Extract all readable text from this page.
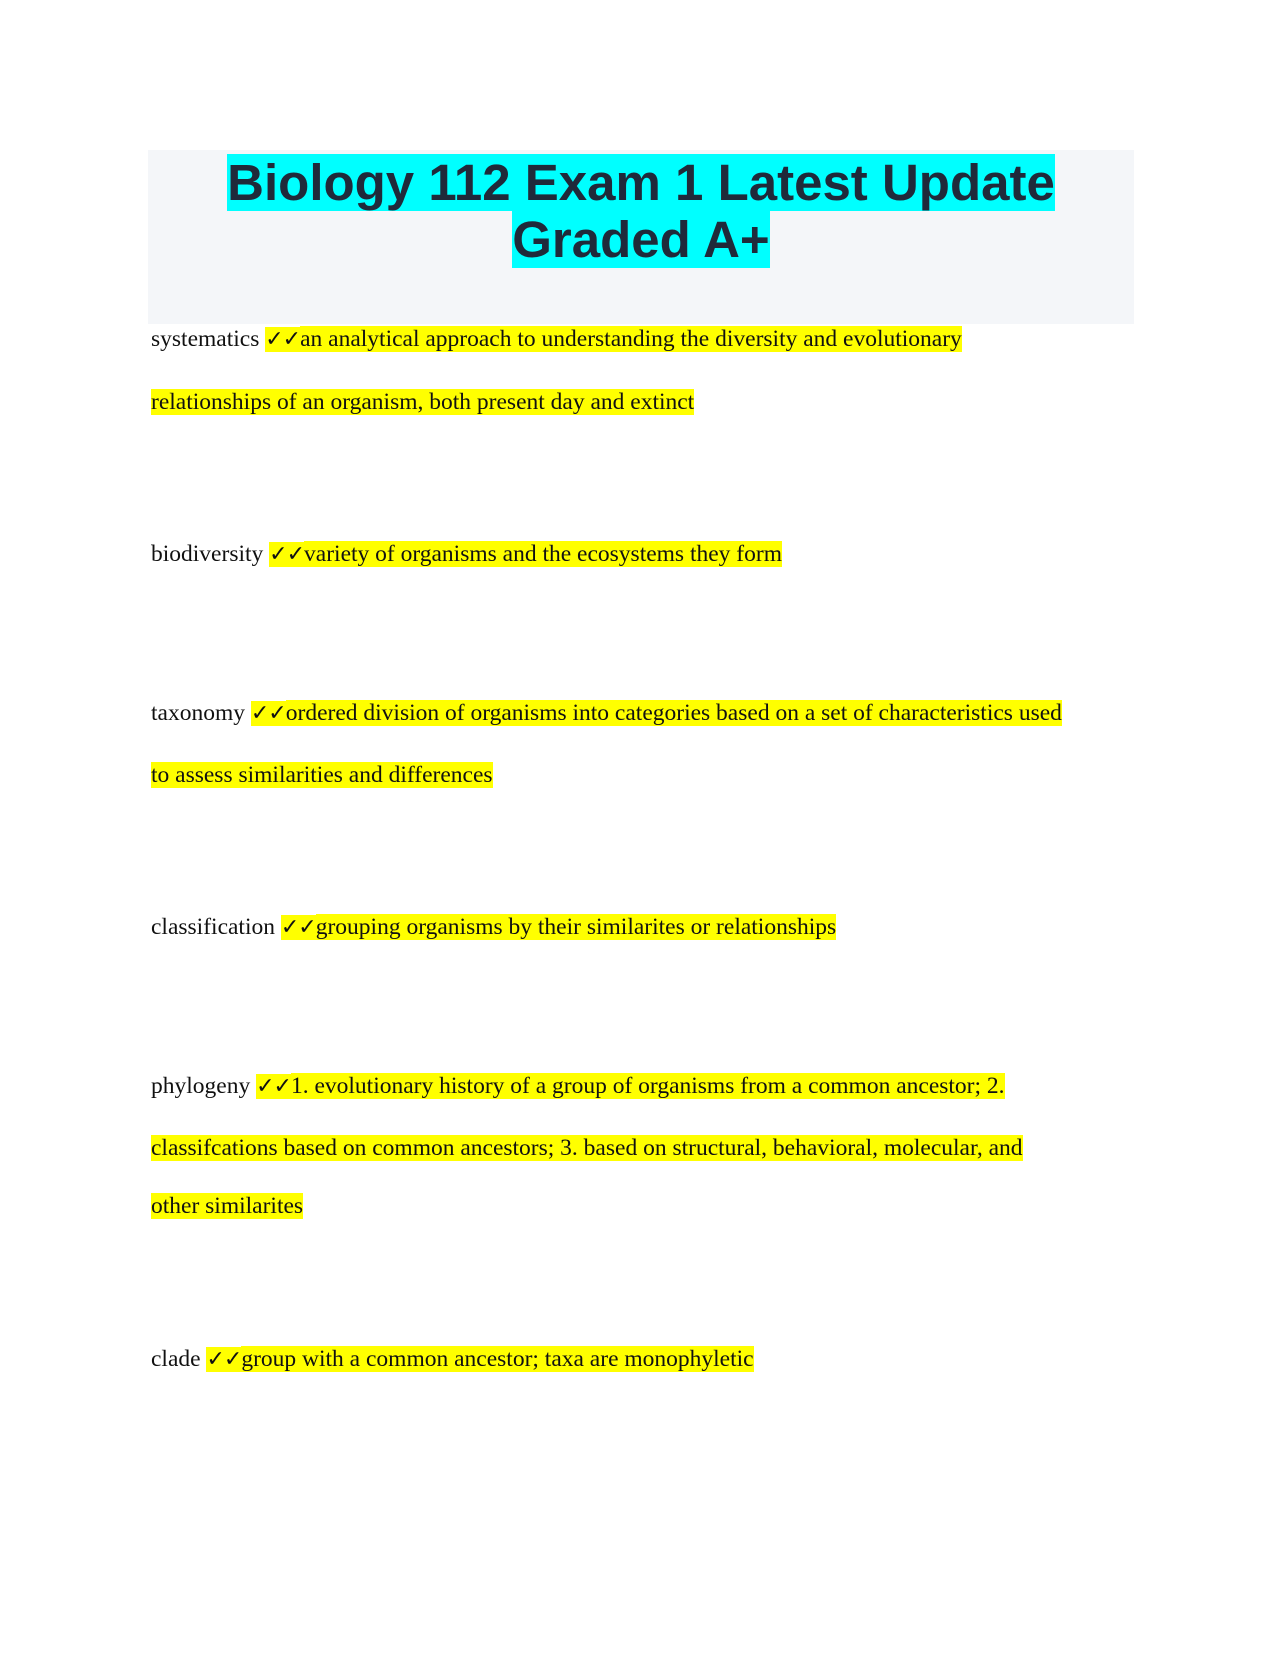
Biology 112 Exam 1 Latest Update Graded A+
systematics ✓✓an analytical approach to understanding the diversity and evolutionary
relationships of an organism, both present day and extinct
biodiversity ✓✓variety of organisms and the ecosystems they form
taxonomy ✓✓ordered division of organisms into categories based on a set of characteristics used
to assess similarities and differences
classification ✓✓grouping organisms by their similarites or relationships
phylogeny ✓✓1. evolutionary history of a group of organisms from a common ancestor; 2.
classifcations based on common ancestors; 3. based on structural, behavioral, molecular, and
other similarites
clade ✓✓group with a common ancestor; taxa are monophyletic
